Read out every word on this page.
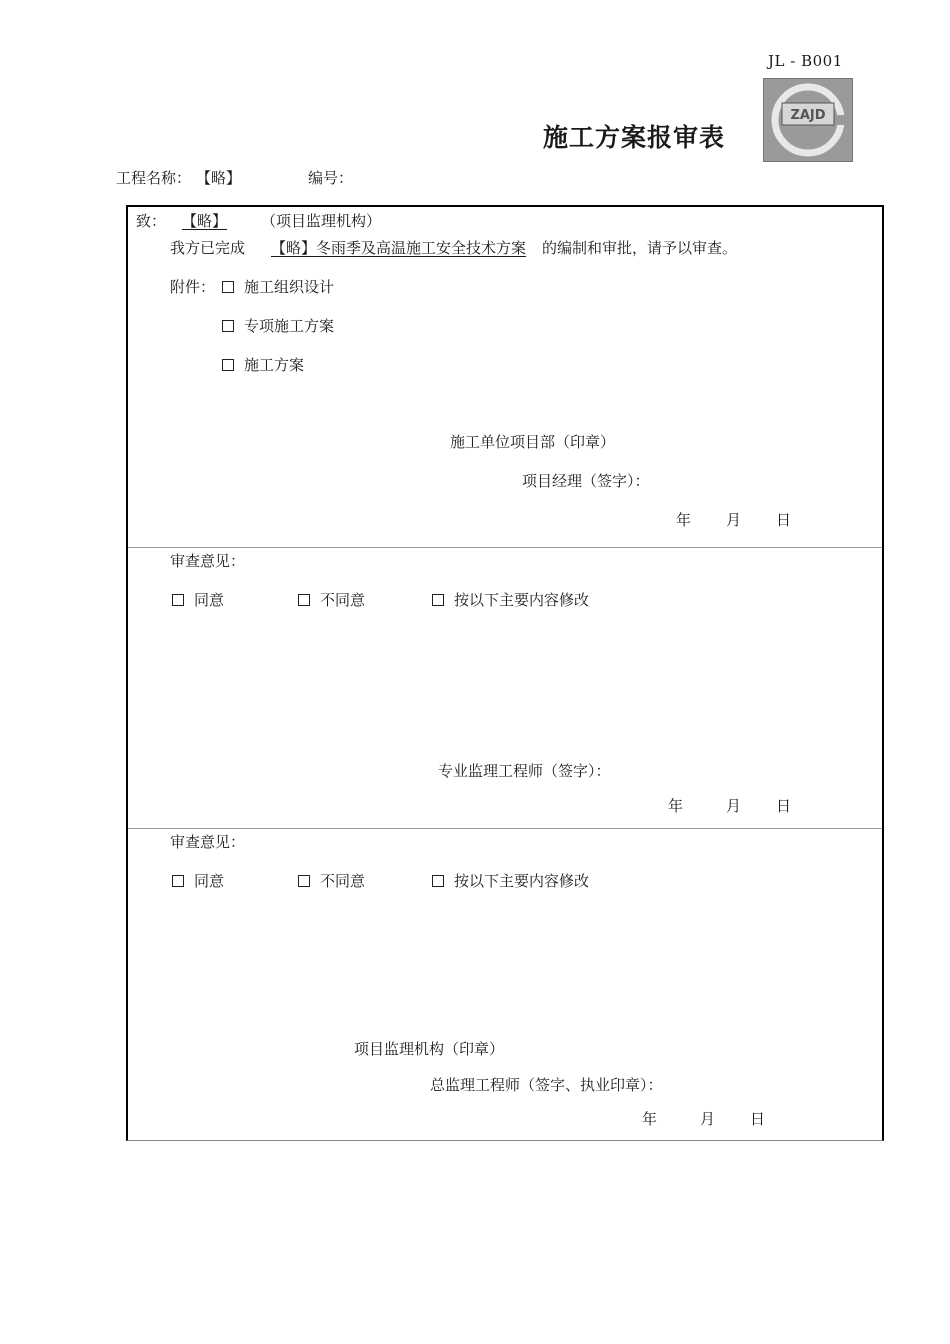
JL - B001
ZAJD
施工方案报审表
工程名称： 【略】	编号：
致： 【略】 （项目监理机构）
我方已完成 【略】冬雨季及高温施工安全技术方案 的编制和审批，请予以审查。
附件：	施工组织设计
专项施工方案
施工方案
施工单位项目部（印章）
项目经理（签字）：
年 月 日
审查意见：
同意	不同意	按以下主要内容修改
专业监理工程师（签字）：
年	月 日
审查意见：
同意	不同意	按以下主要内容修改
项目监理机构（印章）
总监理工程师（签字、执业印章）：
年	月 日
